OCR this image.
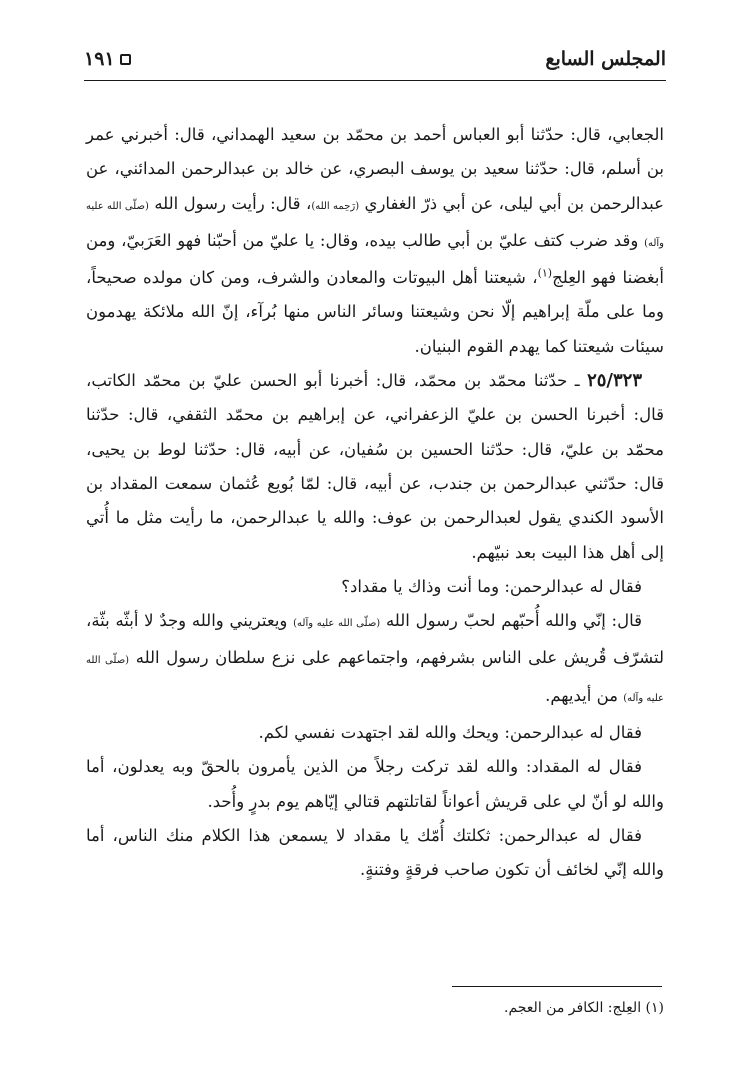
المجلس السابع
١٩١

الجعابي، قال: حدّثنا أبو العباس أحمد بن محمّد بن سعيد الهمداني، قال: أخبرني عمر بن أسلم، قال: حدّثنا سعيد بن يوسف البصري، عن خالد بن عبدالرحمن المدائني، عن عبدالرحمن بن أبي ليلى، عن أبي ذرّ الغفاري (رَحِمه الله)، قال: رأيت رسول الله (صلّى الله عليه وآله) وقد ضرب كتف عليّ بن أبي طالب بيده، وقال: يا عليّ من أحبّنا فهو العَرَبيّ، ومن أبغضنا فهو العِلج$^{(١)}$، شيعتنا أهل البيوتات والمعادن والشرف، ومن كان مولده صحيحاً، وما على ملّة إبراهيم إلّا نحن وشيعتنا وسائر الناس منها بُرآء، إنّ الله ملائكة يهدمون سيئات شيعتنا كما يهدم القوم البنيان.

٢٥/٣٢٣ ـ حدّثنا محمّد بن محمّد، قال: أخبرنا أبو الحسن عليّ بن محمّد الكاتب، قال: أخبرنا الحسن بن عليّ الزعفراني، عن إبراهيم بن محمّد الثقفي، قال: حدّثنا محمّد بن عليّ، قال: حدّثنا الحسين بن سُفيان، عن أبيه، قال: حدّثنا لوط بن يحيى، قال: حدّثني عبدالرحمن بن جندب، عن أبيه، قال: لمّا بُويع عُثمان سمعت المقداد بن الأسود الكندي يقول لعبدالرحمن بن عوف: والله يا عبدالرحمن، ما رأيت مثل ما أُتي إلى أهل هذا البيت بعد نبيّهم.

فقال له عبدالرحمن: وما أنت وذاك يا مقداد؟

قال: إنّي والله أُحبّهم لحبّ رسول الله (صلّى الله عليه وآله) ويعتريني والله وجدٌ لا أبثّه بثّة، لتشرّف قُريش على الناس بشرفهم، واجتماعهم على نزع سلطان رسول الله (صلّى الله عليه وآله) من أيديهم.

فقال له عبدالرحمن: ويحك والله لقد اجتهدت نفسي لكم.

فقال له المقداد: والله لقد تركت رجلاً من الذين يأمرون بالحقّ وبه يعدلون، أما والله لو أنّ لي على قريش أعواناً لقاتلتهم قتالي إيّاهم يوم بدرٍ وأُحد.

فقال له عبدالرحمن: ثكلتك أُمّك يا مقداد لا يسمعن هذا الكلام منك الناس، أما والله إنّي لخائف أن تكون صاحب فرقةٍ وفتنةٍ.

(١) العِلج: الكافر من العجم.
